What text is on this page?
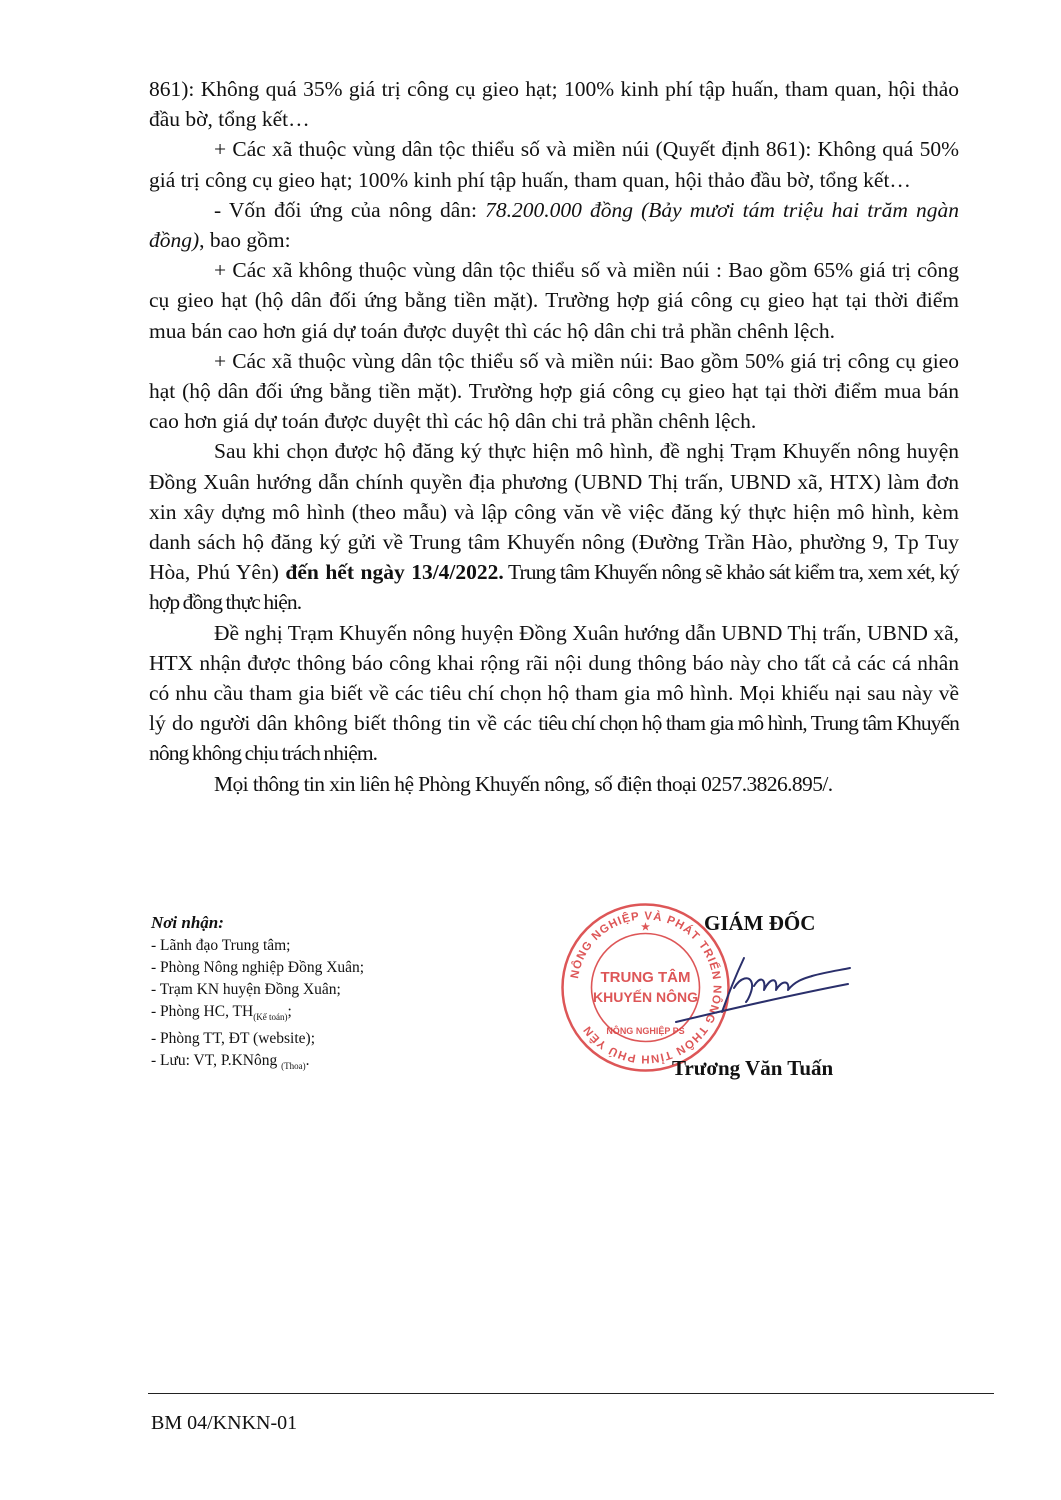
861): Không quá 35% giá trị công cụ gieo hạt; 100% kinh phí tập huấn, tham quan, hội thảo đầu bờ, tổng kết…

+ Các xã thuộc vùng dân tộc thiểu số và miền núi (Quyết định 861): Không quá 50% giá trị công cụ gieo hạt; 100% kinh phí tập huấn, tham quan, hội thảo đầu bờ, tổng kết…

- Vốn đối ứng của nông dân: 78.200.000 đồng (Bảy mươi tám triệu hai trăm ngàn đồng), bao gồm:

+ Các xã không thuộc vùng dân tộc thiểu số và miền núi : Bao gồm 65% giá trị công cụ gieo hạt (hộ dân đối ứng bằng tiền mặt). Trường hợp giá công cụ gieo hạt tại thời điểm mua bán cao hơn giá dự toán được duyệt thì các hộ dân chi trả phần chênh lệch.

+ Các xã thuộc vùng dân tộc thiểu số và miền núi: Bao gồm 50% giá trị công cụ gieo hạt (hộ dân đối ứng bằng tiền mặt). Trường hợp giá công cụ gieo hạt tại thời điểm mua bán cao hơn giá dự toán được duyệt thì các hộ dân chi trả phần chênh lệch.

Sau khi chọn được hộ đăng ký thực hiện mô hình, đề nghị Trạm Khuyến nông huyện Đồng Xuân hướng dẫn chính quyền địa phương (UBND Thị trấn, UBND xã, HTX) làm đơn xin xây dựng mô hình (theo mẫu) và lập công văn về việc đăng ký thực hiện mô hình, kèm danh sách hộ đăng ký gửi về Trung tâm Khuyến nông (Đường Trần Hào, phường 9, Tp Tuy Hòa, Phú Yên) đến hết ngày 13/4/2022. Trung tâm Khuyến nông sẽ khảo sát kiểm tra, xem xét, ký hợp đồng thực hiện.

Đề nghị Trạm Khuyến nông huyện Đồng Xuân hướng dẫn UBND Thị trấn, UBND xã, HTX nhận được thông báo công khai rộng rãi nội dung thông báo này cho tất cả các cá nhân có nhu cầu tham gia biết về các tiêu chí chọn hộ tham gia mô hình. Mọi khiếu nại sau này về lý do người dân không biết thông tin về các tiêu chí chọn hộ tham gia mô hình, Trung tâm Khuyến nông không chịu trách nhiệm.

Mọi thông tin xin liên hệ Phòng Khuyến nông, số điện thoại 0257.3826.895/.

Nơi nhận:
- Lãnh đạo Trung tâm;
- Phòng Nông nghiệp Đồng Xuân;
- Trạm KN huyện Đồng Xuân;
- Phòng HC, $TH_{(Kế toán)}$;
- Phòng TT, ĐT (website);
- Lưu: VT, P.KNông $_{(Thoa)}$.
GIÁM ĐỐC
NÔNG NGHIỆP VÀ PHÁT TRIỂN NÔNG THÔN TỈNH PHÚ YÊN
TRUNG TÂM
KHUYẾN NÔNG
NÔNG NGHIỆP PS
★
Trương Văn Tuấn
BM 04/KNKN-01
